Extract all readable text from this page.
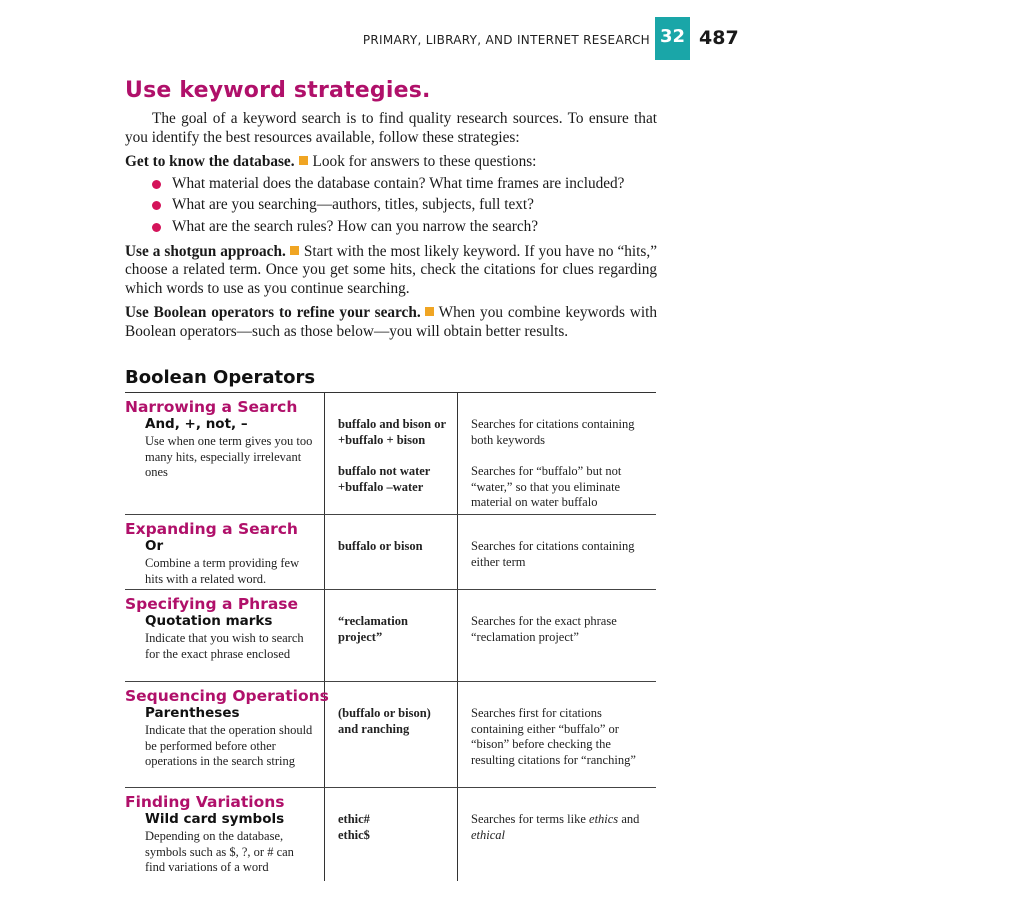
PRIMARY, LIBRARY, AND INTERNET RESEARCH 32 487
Use keyword strategies.

The goal of a keyword search is to find quality research sources. To ensure that you identify the best resources available, follow these strategies:

Get to know the database. Look for answers to these questions:

What material does the database contain? What time frames are included?
What are you searching—authors, titles, subjects, full text?
What are the search rules? How can you narrow the search?

Use a shotgun approach. Start with the most likely keyword. If you have no “hits,” choose a related term. Once you get some hits, check the citations for clues regarding which words to use as you continue searching.

Use Boolean operators to refine your search. When you combine keywords with Boolean operators—such as those below—you will obtain better results.

Boolean Operators
Narrowing a Search
And, +, not, –
Use when one term gives you too many hits, especially irrelevant ones
buffalo and bison or +buffalo + bison
Searches for citations containing both keywords
buffalo not water +buffalo –water
Searches for “buffalo” but not “water,” so that you eliminate material on water buffalo
Expanding a Search
Or
Combine a term providing few hits with a related word.
buffalo or bison	Searches for citations containing either term
Specifying a Phrase
Quotation marks
Indicate that you wish to search for the exact phrase enclosed
“reclamation project”
Searches for the exact phrase “reclamation project”
Sequencing Operations
Parentheses
Indicate that the operation should be performed before other operations in the search string
(buffalo or bison) and ranching
Searches first for citations containing either “buffalo” or “bison” before checking the resulting citations for “ranching”
Finding Variations
Wild card symbols
Depending on the database, symbols such as $, ?, or # can find variations of a word
ethic#
ethic$
Searches for terms like ethics and ethical
